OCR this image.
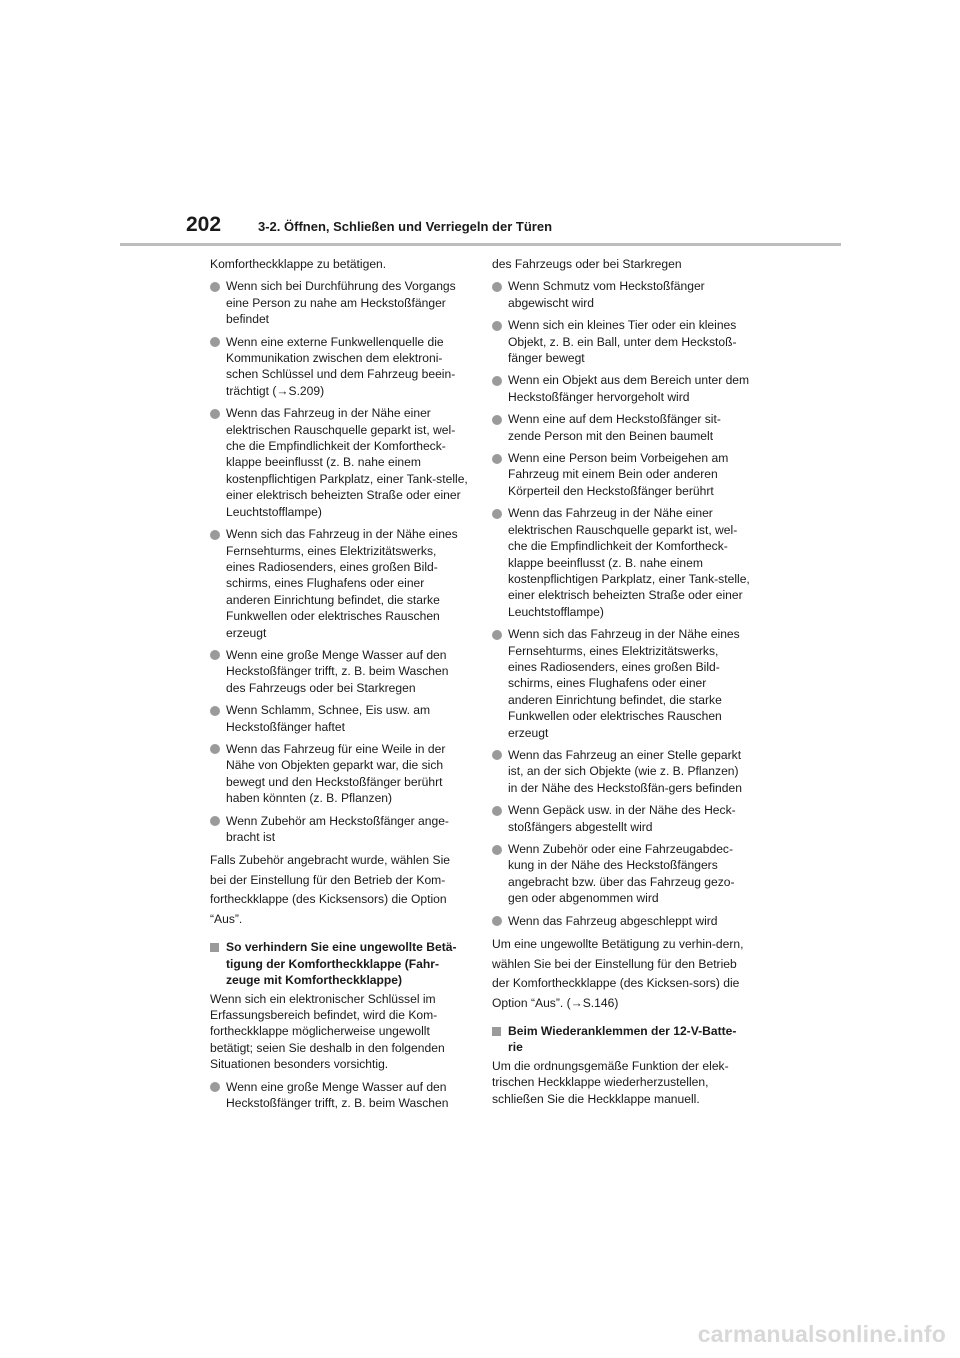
202	3-2. Öffnen, Schließen und Verriegeln der Türen

Komfortheckklappe zu betätigen.

Wenn sich bei Durchführung des Vorgangs eine Person zu nahe am Heckstoßfänger befindet
Wenn eine externe Funkwellenquelle die Kommunikation zwischen dem elektroni-schen Schlüssel und dem Fahrzeug beein-trächtigt (→S.209)
Wenn das Fahrzeug in der Nähe einer elektrischen Rauschquelle geparkt ist, wel-che die Empfindlichkeit der Komfortheck-klappe beeinflusst (z. B. nahe einem kostenpflichtigen Parkplatz, einer Tank-stelle, einer elektrisch beheizten Straße oder einer Leuchtstofflampe)
Wenn sich das Fahrzeug in der Nähe eines Fernsehturms, eines Elektrizitätswerks, eines Radiosenders, eines großen Bild-schirms, eines Flughafens oder einer anderen Einrichtung befindet, die starke Funkwellen oder elektrisches Rauschen erzeugt
Wenn eine große Menge Wasser auf den Heckstoßfänger trifft, z. B. beim Waschen des Fahrzeugs oder bei Starkregen
Wenn Schlamm, Schnee, Eis usw. am Heckstoßfänger haftet
Wenn das Fahrzeug für eine Weile in der Nähe von Objekten geparkt war, die sich bewegt und den Heckstoßfänger berührt haben könnten (z. B. Pflanzen)
Wenn Zubehör am Heckstoßfänger ange-bracht ist

Falls Zubehör angebracht wurde, wählen Sie bei der Einstellung für den Betrieb der Kom-fortheckklappe (des Kicksensors) die Option “Aus”.

So verhindern Sie eine ungewollte Betä-tigung der Komfortheckklappe (Fahr-zeuge mit Komfortheckklappe)

Wenn sich ein elektronischer Schlüssel im Erfassungsbereich befindet, wird die Kom-fortheckklappe möglicherweise ungewollt betätigt; seien Sie deshalb in den folgenden Situationen besonders vorsichtig.

Wenn eine große Menge Wasser auf den Heckstoßfänger trifft, z. B. beim Waschen

des Fahrzeugs oder bei Starkregen

Wenn Schmutz vom Heckstoßfänger abgewischt wird
Wenn sich ein kleines Tier oder ein kleines Objekt, z. B. ein Ball, unter dem Heckstoß-fänger bewegt
Wenn ein Objekt aus dem Bereich unter dem Heckstoßfänger hervorgeholt wird
Wenn eine auf dem Heckstoßfänger sit-zende Person mit den Beinen baumelt
Wenn eine Person beim Vorbeigehen am Fahrzeug mit einem Bein oder anderen Körperteil den Heckstoßfänger berührt
Wenn das Fahrzeug in der Nähe einer elektrischen Rauschquelle geparkt ist, wel-che die Empfindlichkeit der Komfortheck-klappe beeinflusst (z. B. nahe einem kostenpflichtigen Parkplatz, einer Tank-stelle, einer elektrisch beheizten Straße oder einer Leuchtstofflampe)
Wenn sich das Fahrzeug in der Nähe eines Fernsehturms, eines Elektrizitätswerks, eines Radiosenders, eines großen Bild-schirms, eines Flughafens oder einer anderen Einrichtung befindet, die starke Funkwellen oder elektrisches Rauschen erzeugt
Wenn das Fahrzeug an einer Stelle geparkt ist, an der sich Objekte (wie z. B. Pflanzen) in der Nähe des Heckstoßfän-gers befinden
Wenn Gepäck usw. in der Nähe des Heck-stoßfängers abgestellt wird
Wenn Zubehör oder eine Fahrzeugabdec-kung in der Nähe des Heckstoßfängers angebracht bzw. über das Fahrzeug gezo-gen oder abgenommen wird
Wenn das Fahrzeug abgeschleppt wird

Um eine ungewollte Betätigung zu verhin-dern, wählen Sie bei der Einstellung für den Betrieb der Komfortheckklappe (des Kicksen-sors) die Option “Aus”. (→S.146)

Beim Wiederanklemmen der 12-V-Batte-rie

Um die ordnungsgemäße Funktion der elek-trischen Heckklappe wiederherzustellen, schließen Sie die Heckklappe manuell.

carmanualsonline.info
